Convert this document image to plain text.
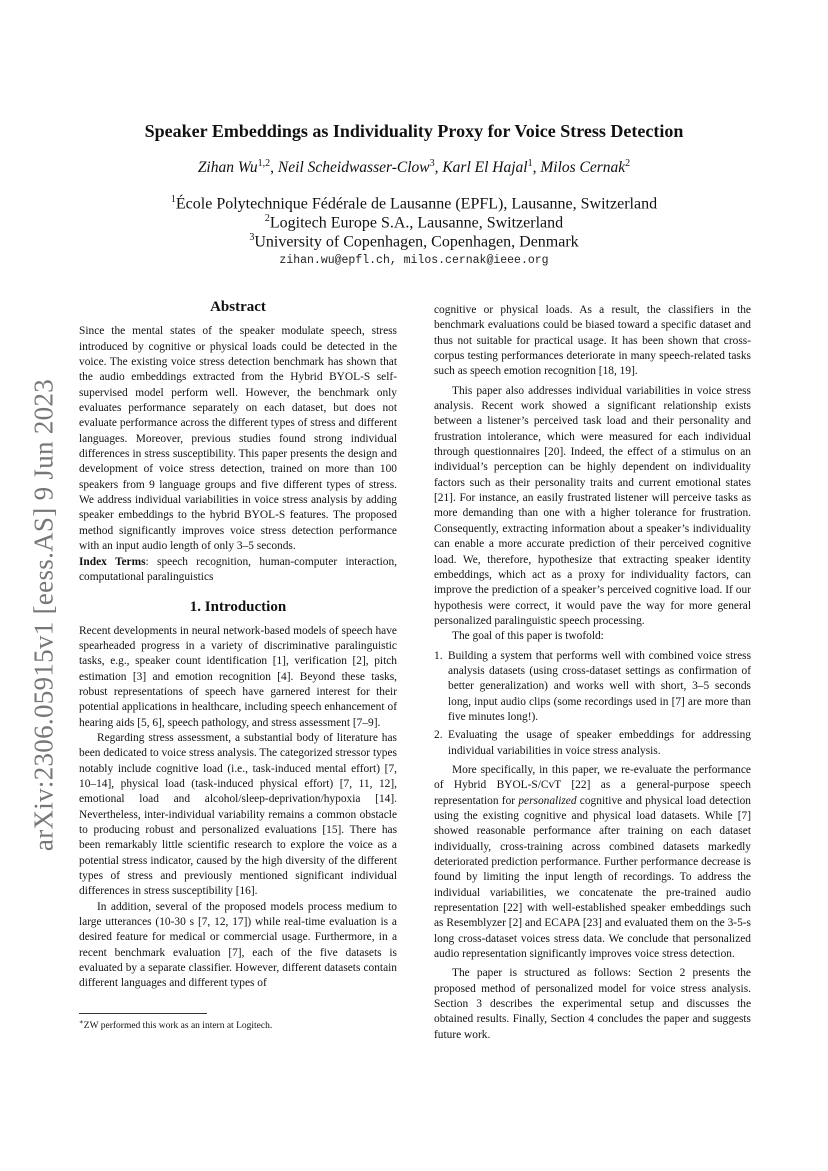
arXiv:2306.05915v1 [eess.AS] 9 Jun 2023
Speaker Embeddings as Individuality Proxy for Voice Stress Detection
Zihan Wu$^{1,2}$, Neil Scheidwasser-Clow$^3$, Karl El Hajal$^1$, Milos Cernak$^2$
$^1$École Polytechnique Fédérale de Lausanne (EPFL), Lausanne, Switzerland
$^2$Logitech Europe S.A., Lausanne, Switzerland
$^3$University of Copenhagen, Copenhagen, Denmark
zihan.wu@epfl.ch, milos.cernak@ieee.org
Abstract

Since the mental states of the speaker modulate speech, stress introduced by cognitive or physical loads could be detected in the voice. The existing voice stress detection benchmark has shown that the audio embeddings extracted from the Hybrid BYOL-S self-supervised model perform well. However, the benchmark only evaluates performance separately on each dataset, but does not evaluate performance across the different types of stress and different languages. Moreover, previous studies found strong individual differences in stress susceptibility. This paper presents the design and development of voice stress detection, trained on more than 100 speakers from 9 language groups and five different types of stress. We address individual variabilities in voice stress analysis by adding speaker embeddings to the hybrid BYOL-S features. The proposed method significantly improves voice stress detection performance with an input audio length of only 3–5 seconds.

Index Terms: speech recognition, human-computer interaction, computational paralinguistics

1. Introduction

Recent developments in neural network-based models of speech have spearheaded progress in a variety of discriminative paralinguistic tasks, e.g., speaker count identification [1], verification [2], pitch estimation [3] and emotion recognition [4]. Beyond these tasks, robust representations of speech have garnered interest for their potential applications in healthcare, including speech enhancement of hearing aids [5, 6], speech pathology, and stress assessment [7–9].

Regarding stress assessment, a substantial body of literature has been dedicated to voice stress analysis. The categorized stressor types notably include cognitive load (i.e., task-induced mental effort) [7, 10–14], physical load (task-induced physical effort) [7, 11, 12], emotional load and alcohol/sleep-deprivation/hypoxia [14]. Nevertheless, inter-individual variability remains a common obstacle to producing robust and personalized evaluations [15]. There has been remarkably little scientific research to explore the voice as a potential stress indicator, caused by the high diversity of the different types of stress and previously mentioned significant individual differences in stress susceptibility [16].

In addition, several of the proposed models process medium to large utterances (10-30 s [7, 12, 17]) while real-time evaluation is a desired feature for medical or commercial usage. Furthermore, in a recent benchmark evaluation [7], each of the five datasets is evaluated by a separate classifier. However, different datasets contain different languages and different types of

cognitive or physical loads. As a result, the classifiers in the benchmark evaluations could be biased toward a specific dataset and thus not suitable for practical usage. It has been shown that cross-corpus testing performances deteriorate in many speech-related tasks such as speech emotion recognition [18, 19].

This paper also addresses individual variabilities in voice stress analysis. Recent work showed a significant relationship exists between a listener’s perceived task load and their personality and frustration intolerance, which were measured for each individual through questionnaires [20]. Indeed, the effect of a stimulus on an individual’s perception can be highly dependent on individuality factors such as their personality traits and current emotional states [21]. For instance, an easily frustrated listener will perceive tasks as more demanding than one with a higher tolerance for frustration. Consequently, extracting information about a speaker’s individuality can enable a more accurate prediction of their perceived cognitive load. We, therefore, hypothesize that extracting speaker identity embeddings, which act as a proxy for individuality factors, can improve the prediction of a speaker’s perceived cognitive load. If our hypothesis were correct, it would pave the way for more general personalized paralinguistic speech processing.

The goal of this paper is twofold:

1. Building a system that performs well with combined voice stress analysis datasets (using cross-dataset settings as confirmation of better generalization) and works well with short, 3–5 seconds long, input audio clips (some recordings used in [7] are more than five minutes long!).
2. Evaluating the usage of speaker embeddings for addressing individual variabilities in voice stress analysis.

More specifically, in this paper, we re-evaluate the performance of Hybrid BYOL-S/CvT [22] as a general-purpose speech representation for personalized cognitive and physical load detection using the existing cognitive and physical load datasets. While [7] showed reasonable performance after training on each dataset individually, cross-training across combined datasets markedly deteriorated prediction performance. Further performance decrease is found by limiting the input length of recordings. To address the individual variabilities, we concatenate the pre-trained audio representation [22] with well-established speaker embeddings such as Resemblyzer [2] and ECAPA [23] and evaluated them on the 3-5-s long cross-dataset voices stress data. We conclude that personalized audio representation significantly improves voice stress detection.

The paper is structured as follows: Section 2 presents the proposed method of personalized model for voice stress analysis. Section 3 describes the experimental setup and discusses the obtained results. Finally, Section 4 concludes the paper and suggests future work.

∗ZW performed this work as an intern at Logitech.
